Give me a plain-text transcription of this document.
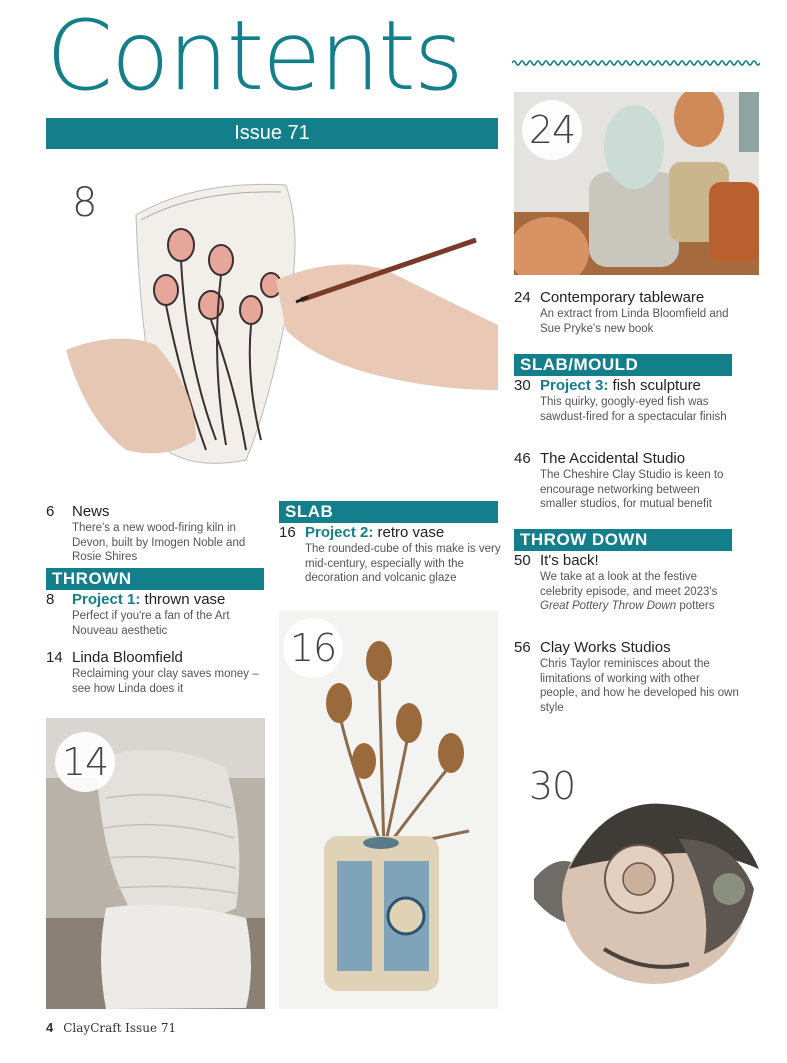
Contents
Issue 71
8
24
24 Contemporary tableware
An extract from Linda Bloomfield and Sue Pryke's new book
SLAB/MOULD
30 Project 3: fish sculpture
This quirky, googly-eyed fish was sawdust-fired for a spectacular finish
46 The Accidental Studio
The Cheshire Clay Studio is keen to encourage networking between smaller studios, for mutual benefit
THROW DOWN
50 It's back!
We take at a look at the festive celebrity episode, and meet 2023's Great Pottery Throw Down potters
56 Clay Works Studios
Chris Taylor reminisces about the limitations of working with other people, and how he developed his own style
6 News
There's a new wood-firing kiln in Devon, built by Imogen Noble and Rosie Shires
THROWN
8 Project 1: thrown vase
Perfect if you're a fan of the Art Nouveau aesthetic
14 Linda Bloomfield
Reclaiming your clay saves money – see how Linda does it
SLAB
16 Project 2: retro vase
The rounded-cube of this make is very mid-century, especially with the decoration and volcanic glaze
14
16
30
4 ClayCraft Issue 71
